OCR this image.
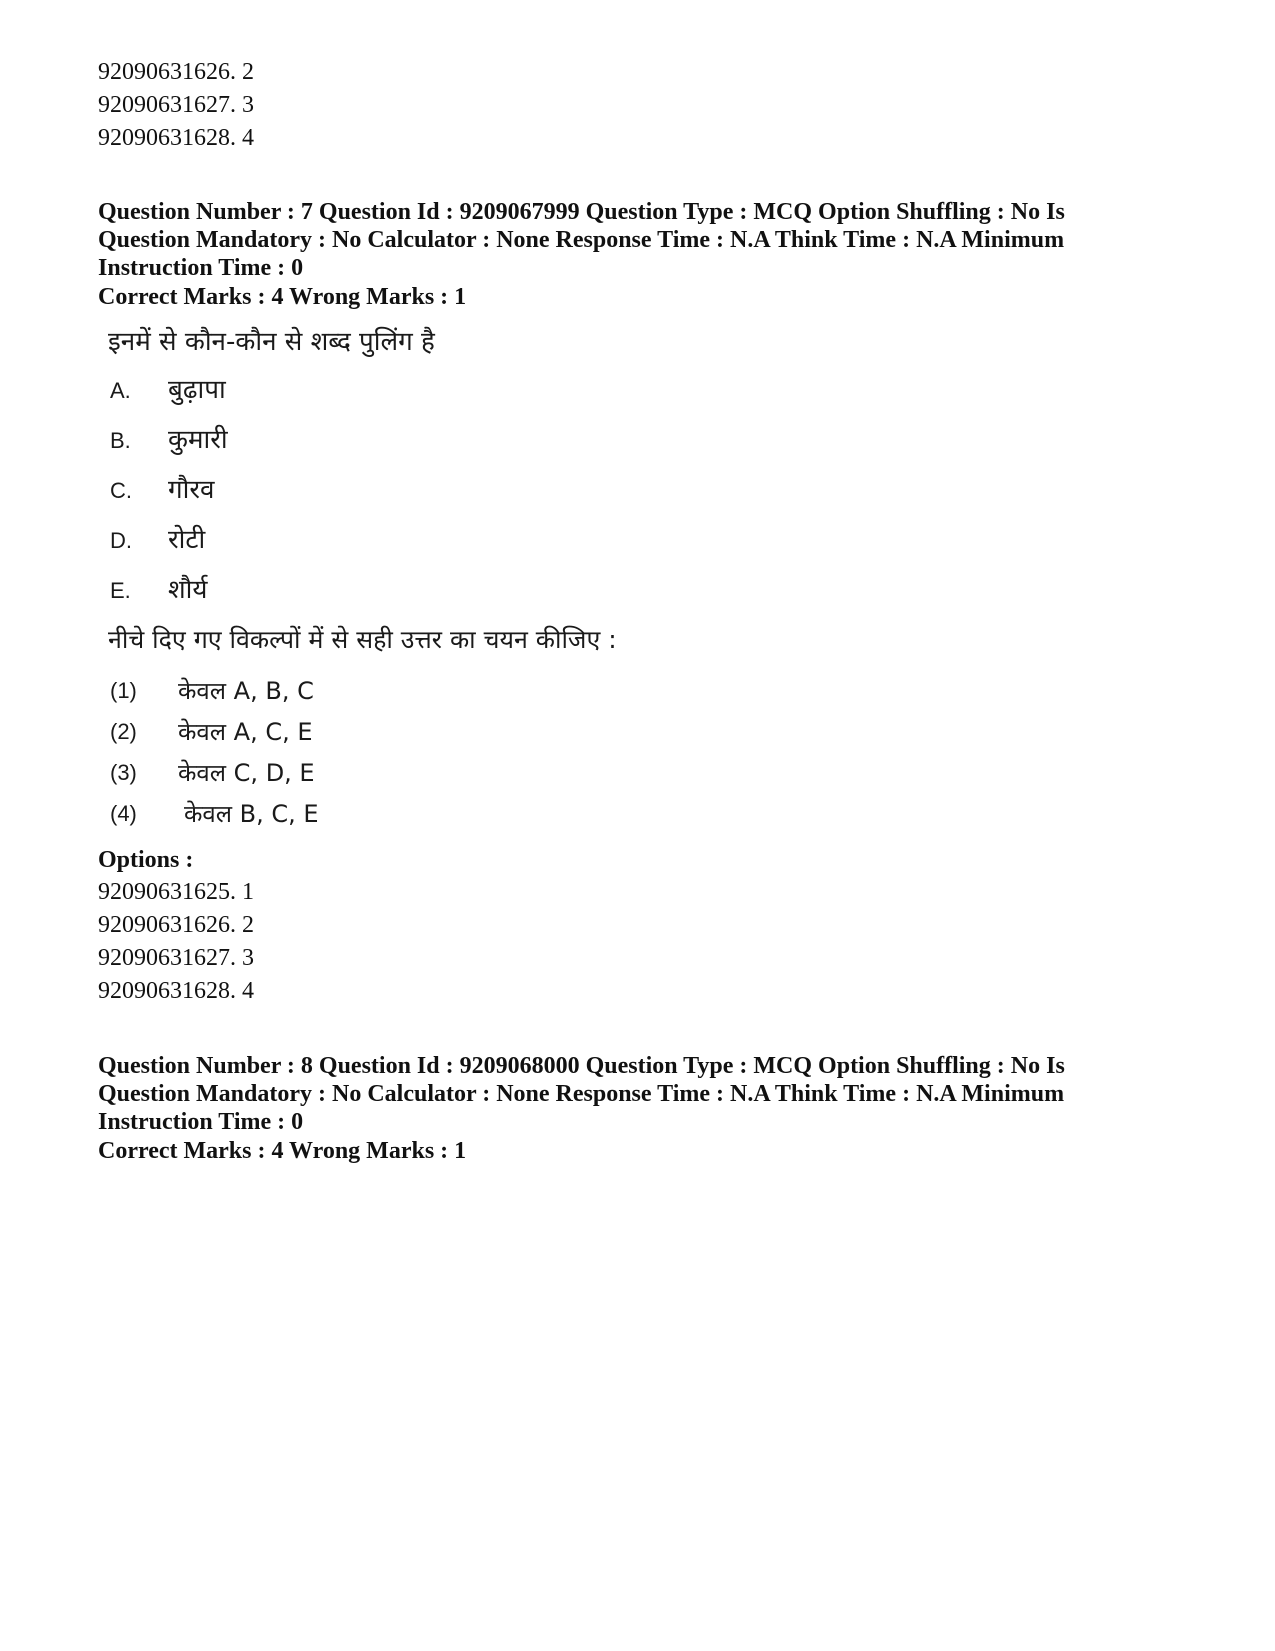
92090631626. 2
92090631627. 3
92090631628. 4
Question Number : 7 Question Id : 9209067999 Question Type : MCQ Option Shuffling : No Is Question Mandatory : No Calculator : None Response Time : N.A Think Time : N.A Minimum Instruction Time : 0
Correct Marks : 4 Wrong Marks : 1
इनमें से कौन-कौन से शब्द पुलिंग है
A. बुढ़ापा
B. कुमारी
C. गौरव
D. रोटी
E. शौर्य
नीचे दिए गए विकल्पों में से सही उत्तर का चयन कीजिए :
(1) केवल A, B, C
(2) केवल A, C, E
(3) केवल C, D, E
(4) केवल B, C, E
Options :
92090631625. 1
92090631626. 2
92090631627. 3
92090631628. 4
Question Number : 8 Question Id : 9209068000 Question Type : MCQ Option Shuffling : No Is Question Mandatory : No Calculator : None Response Time : N.A Think Time : N.A Minimum Instruction Time : 0
Correct Marks : 4 Wrong Marks : 1
